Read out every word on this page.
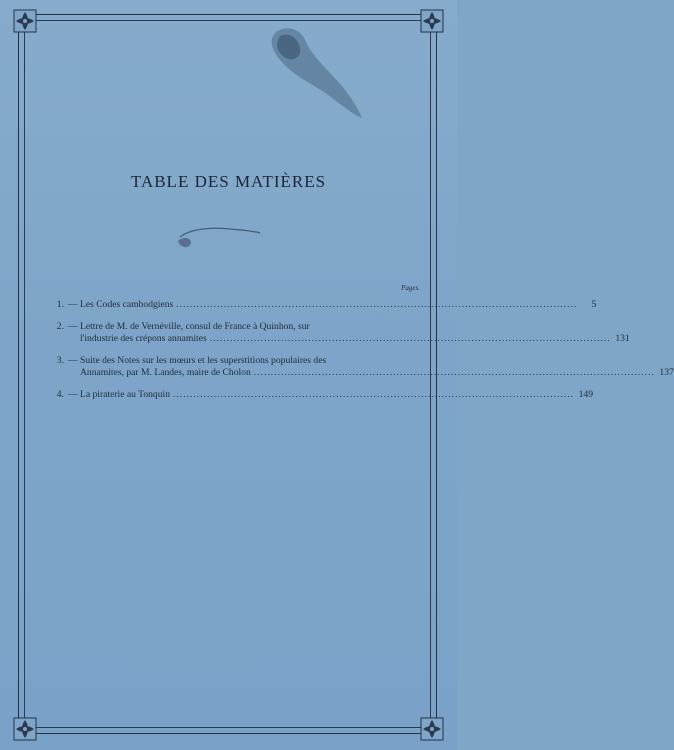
TABLE DES MATIÈRES
Pages.
1. — Les Codes cambodgiens ......................................................................................................................	5
2. — Lettre de M. de Vernéville, consul de France à Quinhon, sur
l'industrie des crépons annamites ...................................................................................................................... 131
3. — Suite des Notes sur les mœurs et les superstitions populaires des
Annamites, par M. Landes, maire de Cholon ...................................................................................................................... 137
4. — La piraterie au Tonquin ...................................................................................................................... 149
